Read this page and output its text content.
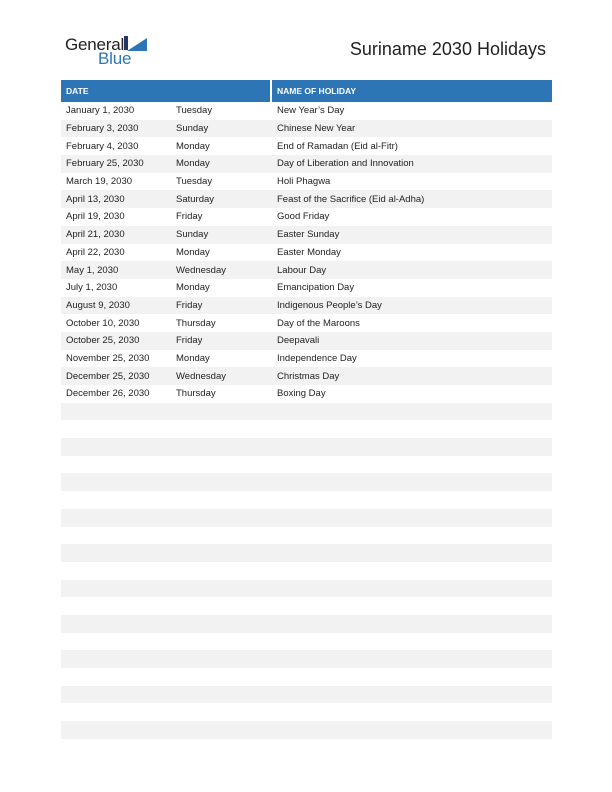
General
Blue	Suriname 2030 Holidays
DATE	NAME OF HOLIDAY
January 1, 2030	Tuesday	New Year’s Day
February 3, 2030	Sunday	Chinese New Year
February 4, 2030	Monday	End of Ramadan (Eid al-Fitr)
February 25, 2030	Monday	Day of Liberation and Innovation
March 19, 2030	Tuesday	Holi Phagwa
April 13, 2030	Saturday	Feast of the Sacrifice (Eid al-Adha)
April 19, 2030	Friday	Good Friday
April 21, 2030	Sunday	Easter Sunday
April 22, 2030	Monday	Easter Monday
May 1, 2030	Wednesday	Labour Day
July 1, 2030	Monday	Emancipation Day
August 9, 2030	Friday	Indigenous People’s Day
October 10, 2030	Thursday	Day of the Maroons
October 25, 2030	Friday	Deepavali
November 25, 2030	Monday	Independence Day
December 25, 2030	Wednesday	Christmas Day
December 26, 2030	Thursday	Boxing Day
